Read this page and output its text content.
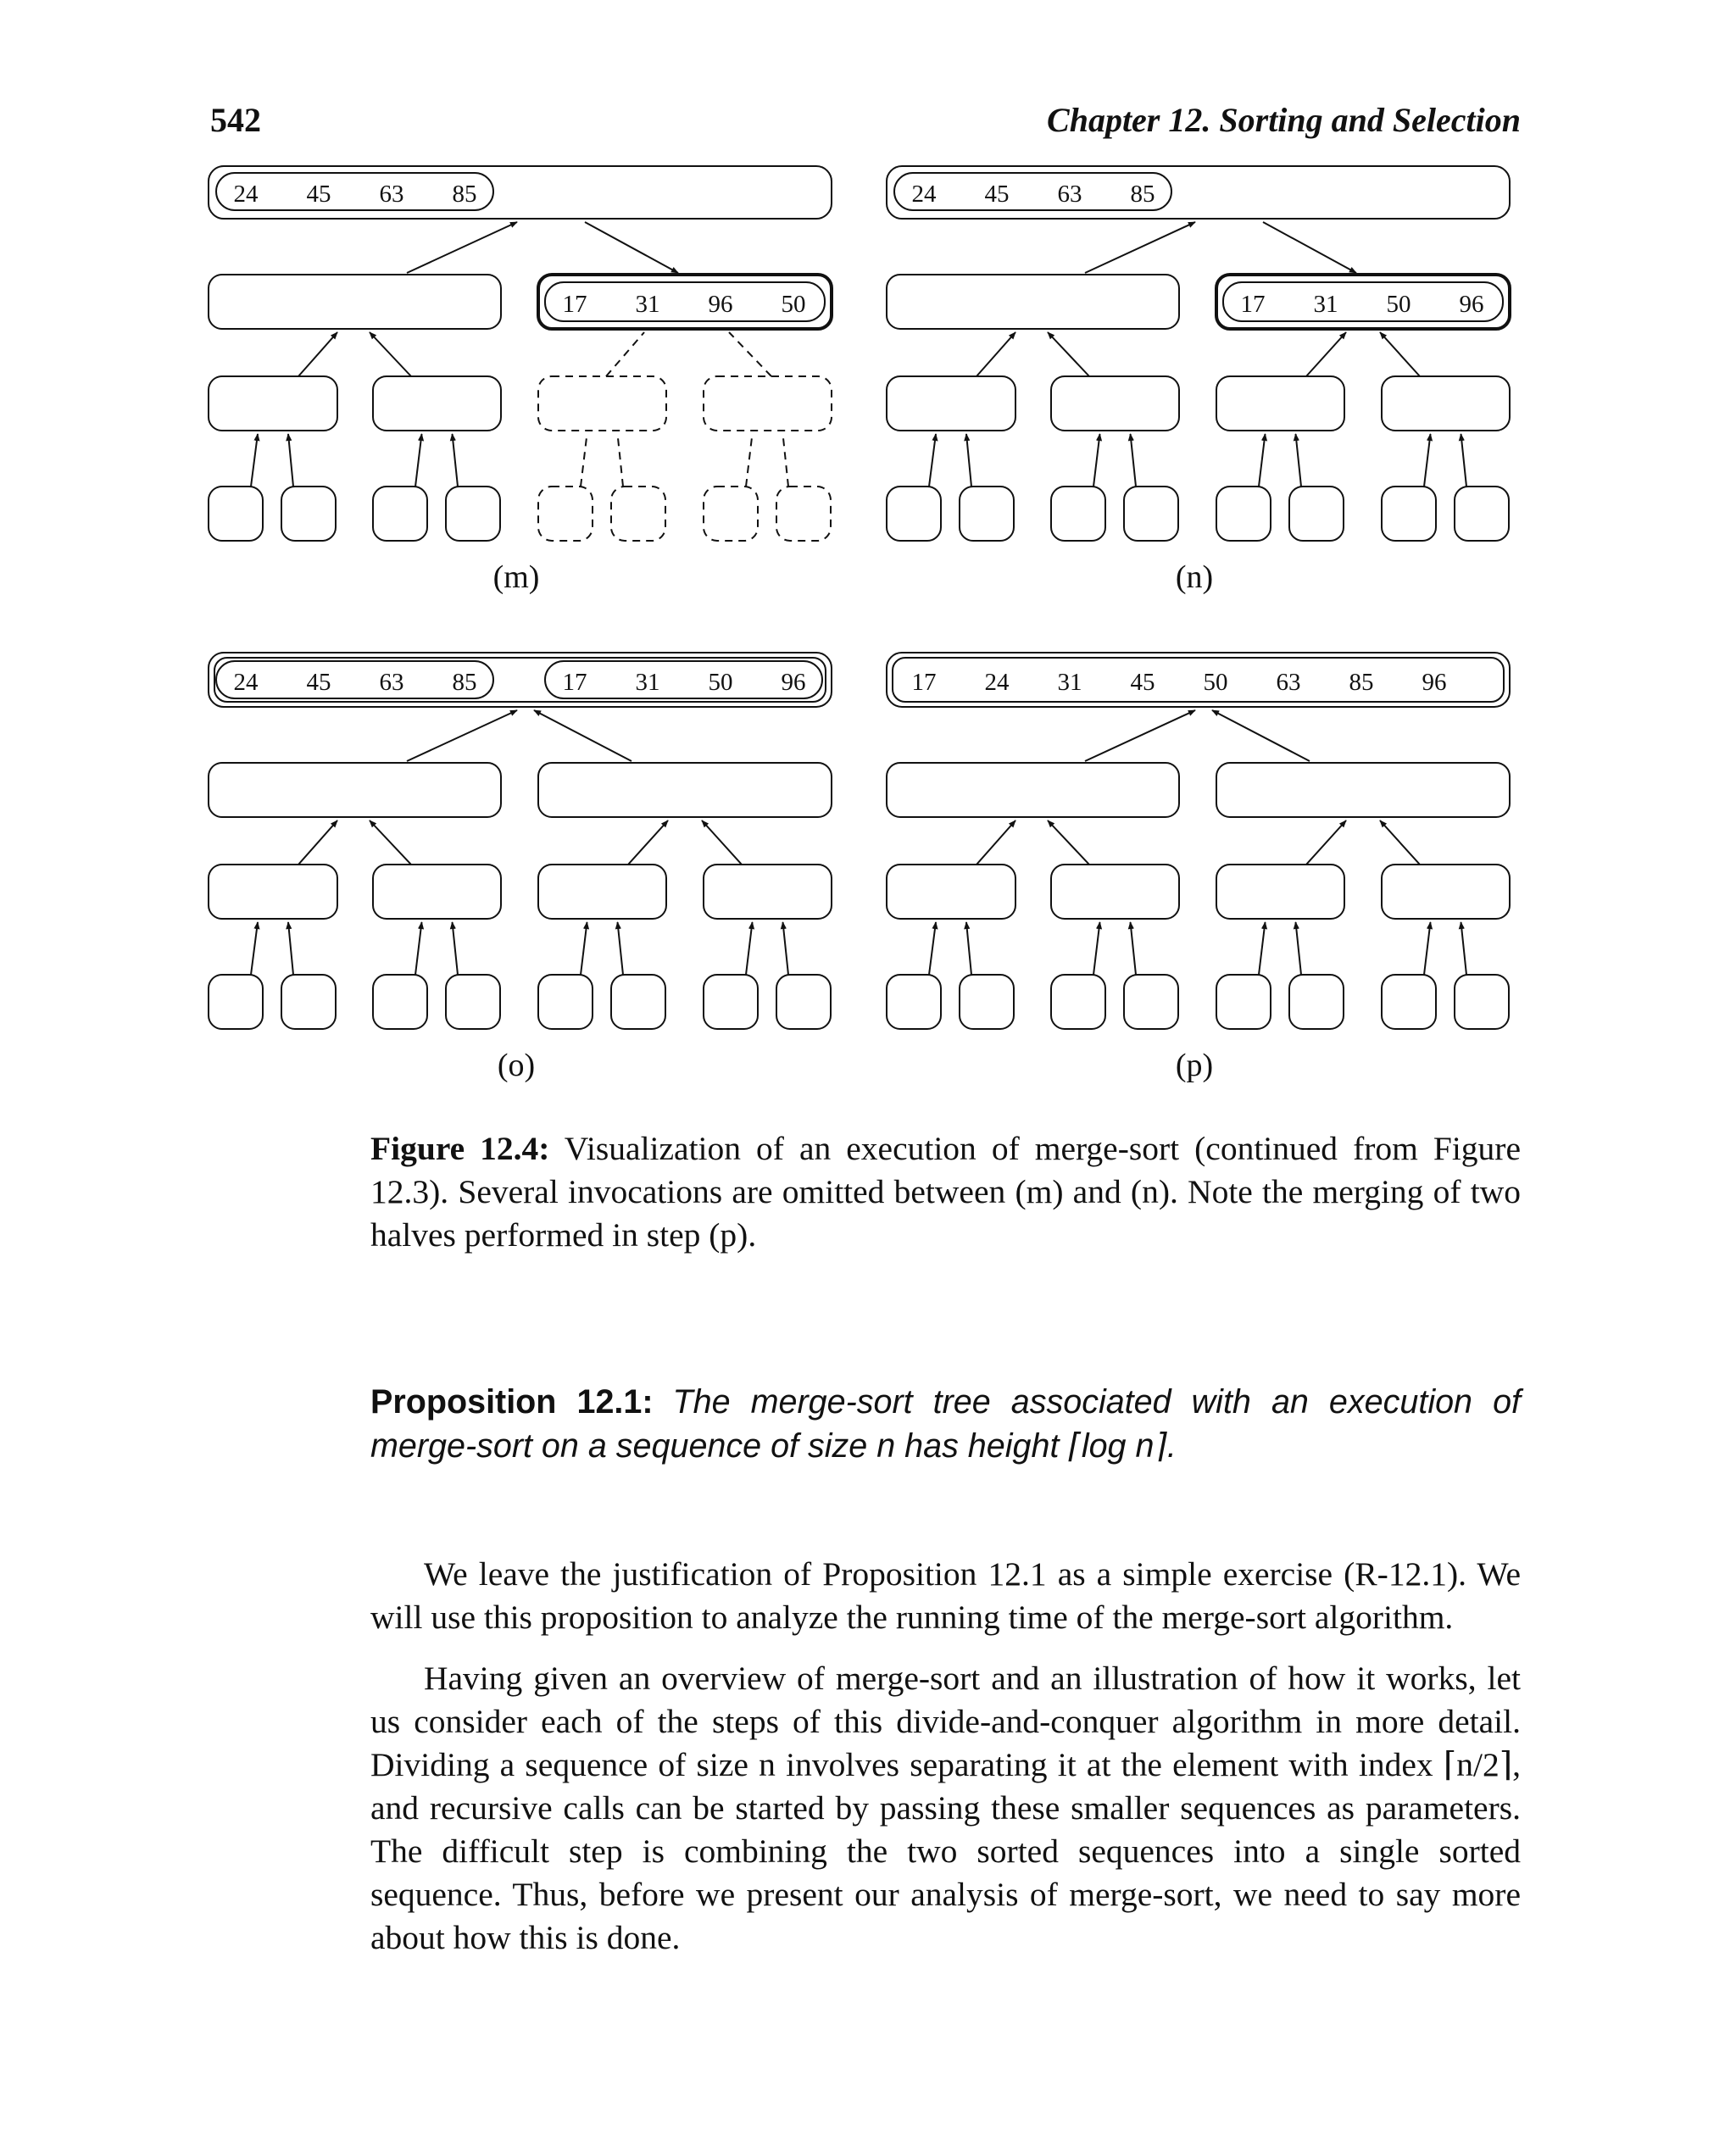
542	Chapter 12. Sorting and Selection
24 45 63 85
17 31 96 50
(m)
24 45 63 85
17 31 50 96
(n)
24 45 63 85	17 31 50 96
(o)
17 24 31 45 50 63 85 96
(p)
Figure 12.4: Visualization of an execution of merge-sort (continued from Figure 12.3). Several invocations are omitted between (m) and (n). Note the merging of two halves performed in step (p).
Proposition 12.1: The merge-sort tree associated with an execution of merge-sort on a sequence of size n has height ⌈log n⌉.
We leave the justification of Proposition 12.1 as a simple exercise (R-12.1). We will use this proposition to analyze the running time of the merge-sort algorithm.
Having given an overview of merge-sort and an illustration of how it works, let us consider each of the steps of this divide-and-conquer algorithm in more detail. Dividing a sequence of size n involves separating it at the element with index ⌈n/2⌉, and recursive calls can be started by passing these smaller sequences as parameters. The difficult step is combining the two sorted sequences into a single sorted sequence. Thus, before we present our analysis of merge-sort, we need to say more about how this is done.
